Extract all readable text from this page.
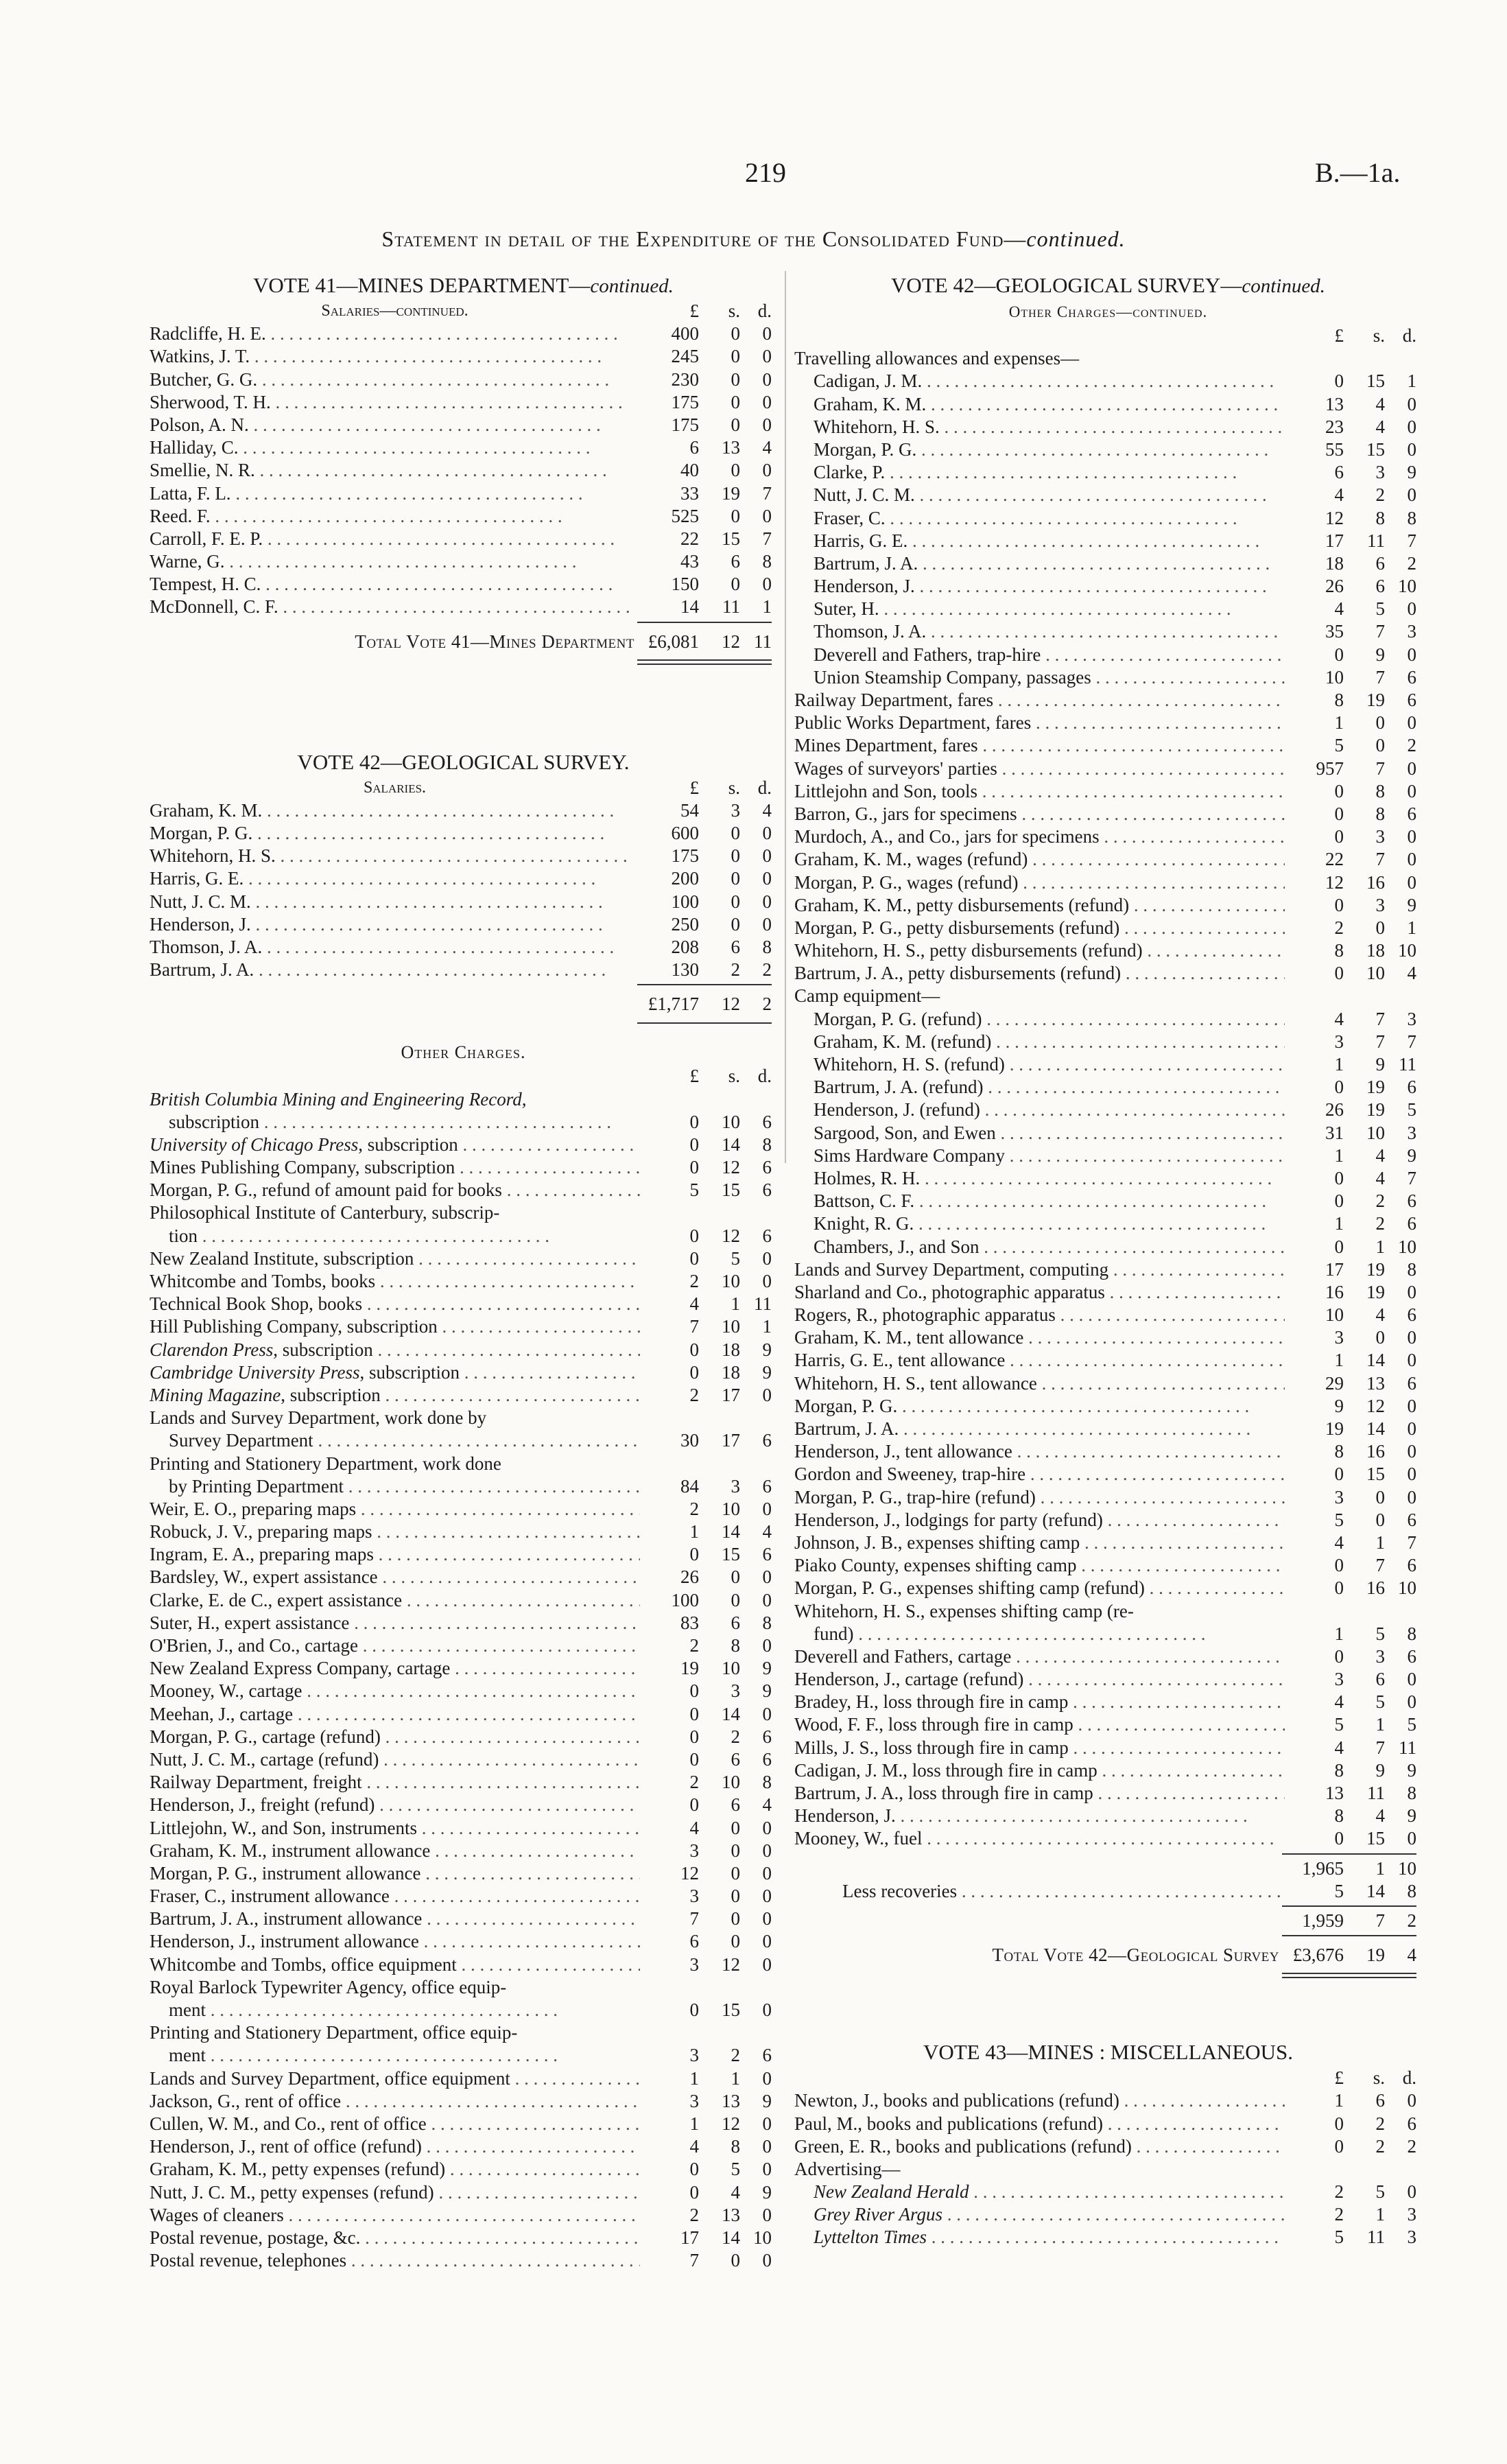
219	B.—1a.
Statement in detail of the Expenditure of the Consolidated Fund—continued.
VOTE 41—MINES DEPARTMENT—continued.
Salaries—continued.	£	s. d.
Radcliffe, H. E. . .	400	0	0
Watkins, J. T. . .	245	0	0
Butcher, G. G. . .	230	0	0
Sherwood, T. H. . .	175	0	0
Polson, A. N. . .	175	0	0
Halliday, C. . .	6	13	4
Smellie, N. R. . .	40	0	0
Latta, F. L. . .	33	19	7
Reed. F. . .	525	0	0
Carroll, F. E. P. . .	22	15	7
Warne, G. . .	43	6	8
Tempest, H. C. . .	150	0	0
McDonnell, C. F. . .	14	11	1
Total Vote 41—Mines Department £6,081	12 11
VOTE 42—GEOLOGICAL SURVEY.
Salaries.	£	s. d.
Graham, K. M. . .	54	3	4
Morgan, P. G. . .	600	0	0
Whitehorn, H. S. . .	175	0	0
Harris, G. E. . .	200	0	0
Nutt, J. C. M. . .	100	0	0
Henderson, J. . .	250	0	0
Thomson, J. A. . .	208	6	8
Bartrum, J. A. . .	130	2	2
£1,717	12	2
Other Charges.
£	s. d.
British Columbia Mining and Engineering Record,
subscription . .	0	10	6
University of Chicago Press, subscription . .	0	14	8
Mines Publishing Company, subscription . .	0	12	6
Morgan, P. G., refund of amount paid for books . .	5	15	6
Philosophical Institute of Canterbury, subscrip-
tion . .	0	12	6
New Zealand Institute, subscription . .	0	5	0
Whitcombe and Tombs, books . .	2	10	0
Technical Book Shop, books . .	4	1 11
Hill Publishing Company, subscription . .	7	10	1
Clarendon Press, subscription . .	0	18	9
Cambridge University Press, subscription . .	0	18	9
Mining Magazine, subscription . .	2	17	0
Lands and Survey Department, work done by
Survey Department . .	30	17	6
Printing and Stationery Department, work done
by Printing Department . .	84	3	6
Weir, E. O., preparing maps . .	2	10	0
Robuck, J. V., preparing maps . .	1	14	4
Ingram, E. A., preparing maps . .	0	15	6
Bardsley, W., expert assistance . .	26	0	0
Clarke, E. de C., expert assistance . .	100	0	0
Suter, H., expert assistance . .	83	6	8
O'Brien, J., and Co., cartage . .	2	8	0
New Zealand Express Company, cartage . .	19	10	9
Mooney, W., cartage . .	0	3	9
Meehan, J., cartage . .	0	14	0
Morgan, P. G., cartage (refund) . .	0	2	6
Nutt, J. C. M., cartage (refund) . .	0	6	6
Railway Department, freight . .	2	10	8
Henderson, J., freight (refund) . .	0	6	4
Littlejohn, W., and Son, instruments . .	4	0	0
Graham, K. M., instrument allowance . .	3	0	0
Morgan, P. G., instrument allowance . .	12	0	0
Fraser, C., instrument allowance . .	3	0	0
Bartrum, J. A., instrument allowance . .	7	0	0
Henderson, J., instrument allowance . .	6	0	0
Whitcombe and Tombs, office equipment . .	3	12	0
Royal Barlock Typewriter Agency, office equip-
ment . .	0	15	0
Printing and Stationery Department, office equip-
ment . .	3	2	6
Lands and Survey Department, office equipment . .	1	1	0
Jackson, G., rent of office . .	3	13	9
Cullen, W. M., and Co., rent of office . .	1	12	0
Henderson, J., rent of office (refund) . .	4	8	0
Graham, K. M., petty expenses (refund) . .	0	5	0
Nutt, J. C. M., petty expenses (refund) . .	0	4	9
Wages of cleaners . .	2	13	0
Postal revenue, postage, &c. . .	17	14 10
Postal revenue, telephones . .	7	0	0
VOTE 42—GEOLOGICAL SURVEY—continued.
Other Charges—continued.
£	s. d.
Travelling allowances and expenses—
Cadigan, J. M. . .	0	15	1
Graham, K. M. . .	13	4	0
Whitehorn, H. S. . .	23	4	0
Morgan, P. G. . .	55	15	0
Clarke, P. . .	6	3	9
Nutt, J. C. M. . .	4	2	0
Fraser, C. . .	12	8	8
Harris, G. E. . .	17	11	7
Bartrum, J. A. . .	18	6	2
Henderson, J. . .	26	6 10
Suter, H. . .	4	5	0
Thomson, J. A. . .	35	7	3
Deverell and Fathers, trap-hire . .	0	9	0
Union Steamship Company, passages . .	10	7	6
Railway Department, fares . .	8	19	6
Public Works Department, fares . .	1	0	0
Mines Department, fares . .	5	0	2
Wages of surveyors' parties . .	957	7	0
Littlejohn and Son, tools . .	0	8	0
Barron, G., jars for specimens . .	0	8	6
Murdoch, A., and Co., jars for specimens . .	0	3	0
Graham, K. M., wages (refund) . .	22	7	0
Morgan, P. G., wages (refund) . .	12	16	0
Graham, K. M., petty disbursements (refund) . .	0	3	9
Morgan, P. G., petty disbursements (refund) . .	2	0	1
Whitehorn, H. S., petty disbursements (refund) . .	8	18 10
Bartrum, J. A., petty disbursements (refund) . .	0	10	4
Camp equipment—
Morgan, P. G. (refund) . .	4	7	3
Graham, K. M. (refund) . .	3	7	7
Whitehorn, H. S. (refund) . .	1	9 11
Bartrum, J. A. (refund) . .	0	19	6
Henderson, J. (refund) . .	26	19	5
Sargood, Son, and Ewen . .	31	10	3
Sims Hardware Company . .	1	4	9
Holmes, R. H. . .	0	4	7
Battson, C. F. . .	0	2	6
Knight, R. G. . .	1	2	6
Chambers, J., and Son . .	0	1 10
Lands and Survey Department, computing . .	17	19	8
Sharland and Co., photographic apparatus . .	16	19	0
Rogers, R., photographic apparatus . .	10	4	6
Graham, K. M., tent allowance . .	3	0	0
Harris, G. E., tent allowance . .	1	14	0
Whitehorn, H. S., tent allowance . .	29	13	6
Morgan, P. G. . .	9	12	0
Bartrum, J. A. . .	19	14	0
Henderson, J., tent allowance . .	8	16	0
Gordon and Sweeney, trap-hire . .	0	15	0
Morgan, P. G., trap-hire (refund) . .	3	0	0
Henderson, J., lodgings for party (refund) . .	5	0	6
Johnson, J. B., expenses shifting camp . .	4	1	7
Piako County, expenses shifting camp . .	0	7	6
Morgan, P. G., expenses shifting camp (refund) . .	0	16 10
Whitehorn, H. S., expenses shifting camp (re-
fund) . .	1	5	8
Deverell and Fathers, cartage . .	0	3	6
Henderson, J., cartage (refund) . .	3	6	0
Bradey, H., loss through fire in camp . .	4	5	0
Wood, F. F., loss through fire in camp . .	5	1	5
Mills, J. S., loss through fire in camp . .	4	7 11
Cadigan, J. M., loss through fire in camp . .	8	9	9
Bartrum, J. A., loss through fire in camp . .	13	11	8
Henderson, J. . .	8	4	9
Mooney, W., fuel . .	0	15	0
1,965	1 10
Less recoveries . .	5	14	8
1,959	7	2
Total Vote 42—Geological Survey £3,676	19	4
VOTE 43—MINES : MISCELLANEOUS.
£	s. d.
Newton, J., books and publications (refund) . .	1	6	0
Paul, M., books and publications (refund) . .	0	2	6
Green, E. R., books and publications (refund) . .	0	2	2
Advertising—
New Zealand Herald . .	2	5	0
Grey River Argus . .	2	1	3
Lyttelton Times . .	5	11	3
